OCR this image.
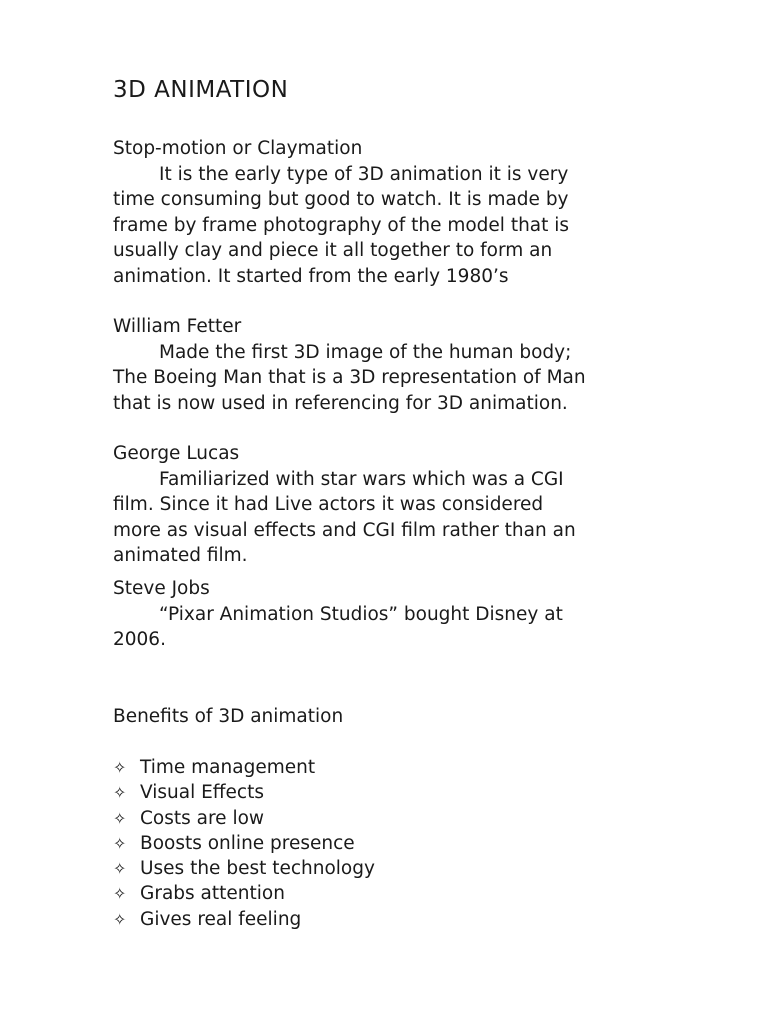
3D ANIMATION
Stop-motion or Claymation
It is the early type of 3D animation it is very
time consuming but good to watch. It is made by
frame by frame photography of the model that is
usually clay and piece it all together to form an
animation. It started from the early 1980’s
William Fetter
Made the first 3D image of the human body;
The Boeing Man that is a 3D representation of Man
that is now used in referencing for 3D animation.
George Lucas
Familiarized with star wars which was a CGI
film. Since it had Live actors it was considered
more as visual effects and CGI film rather than an
animated film.
Steve Jobs
“Pixar Animation Studios” bought Disney at
2006.
Benefits of 3D animation
✧ Time management
✧ Visual Effects
✧ Costs are low
✧ Boosts online presence
✧ Uses the best technology
✧ Grabs attention
✧ Gives real feeling
